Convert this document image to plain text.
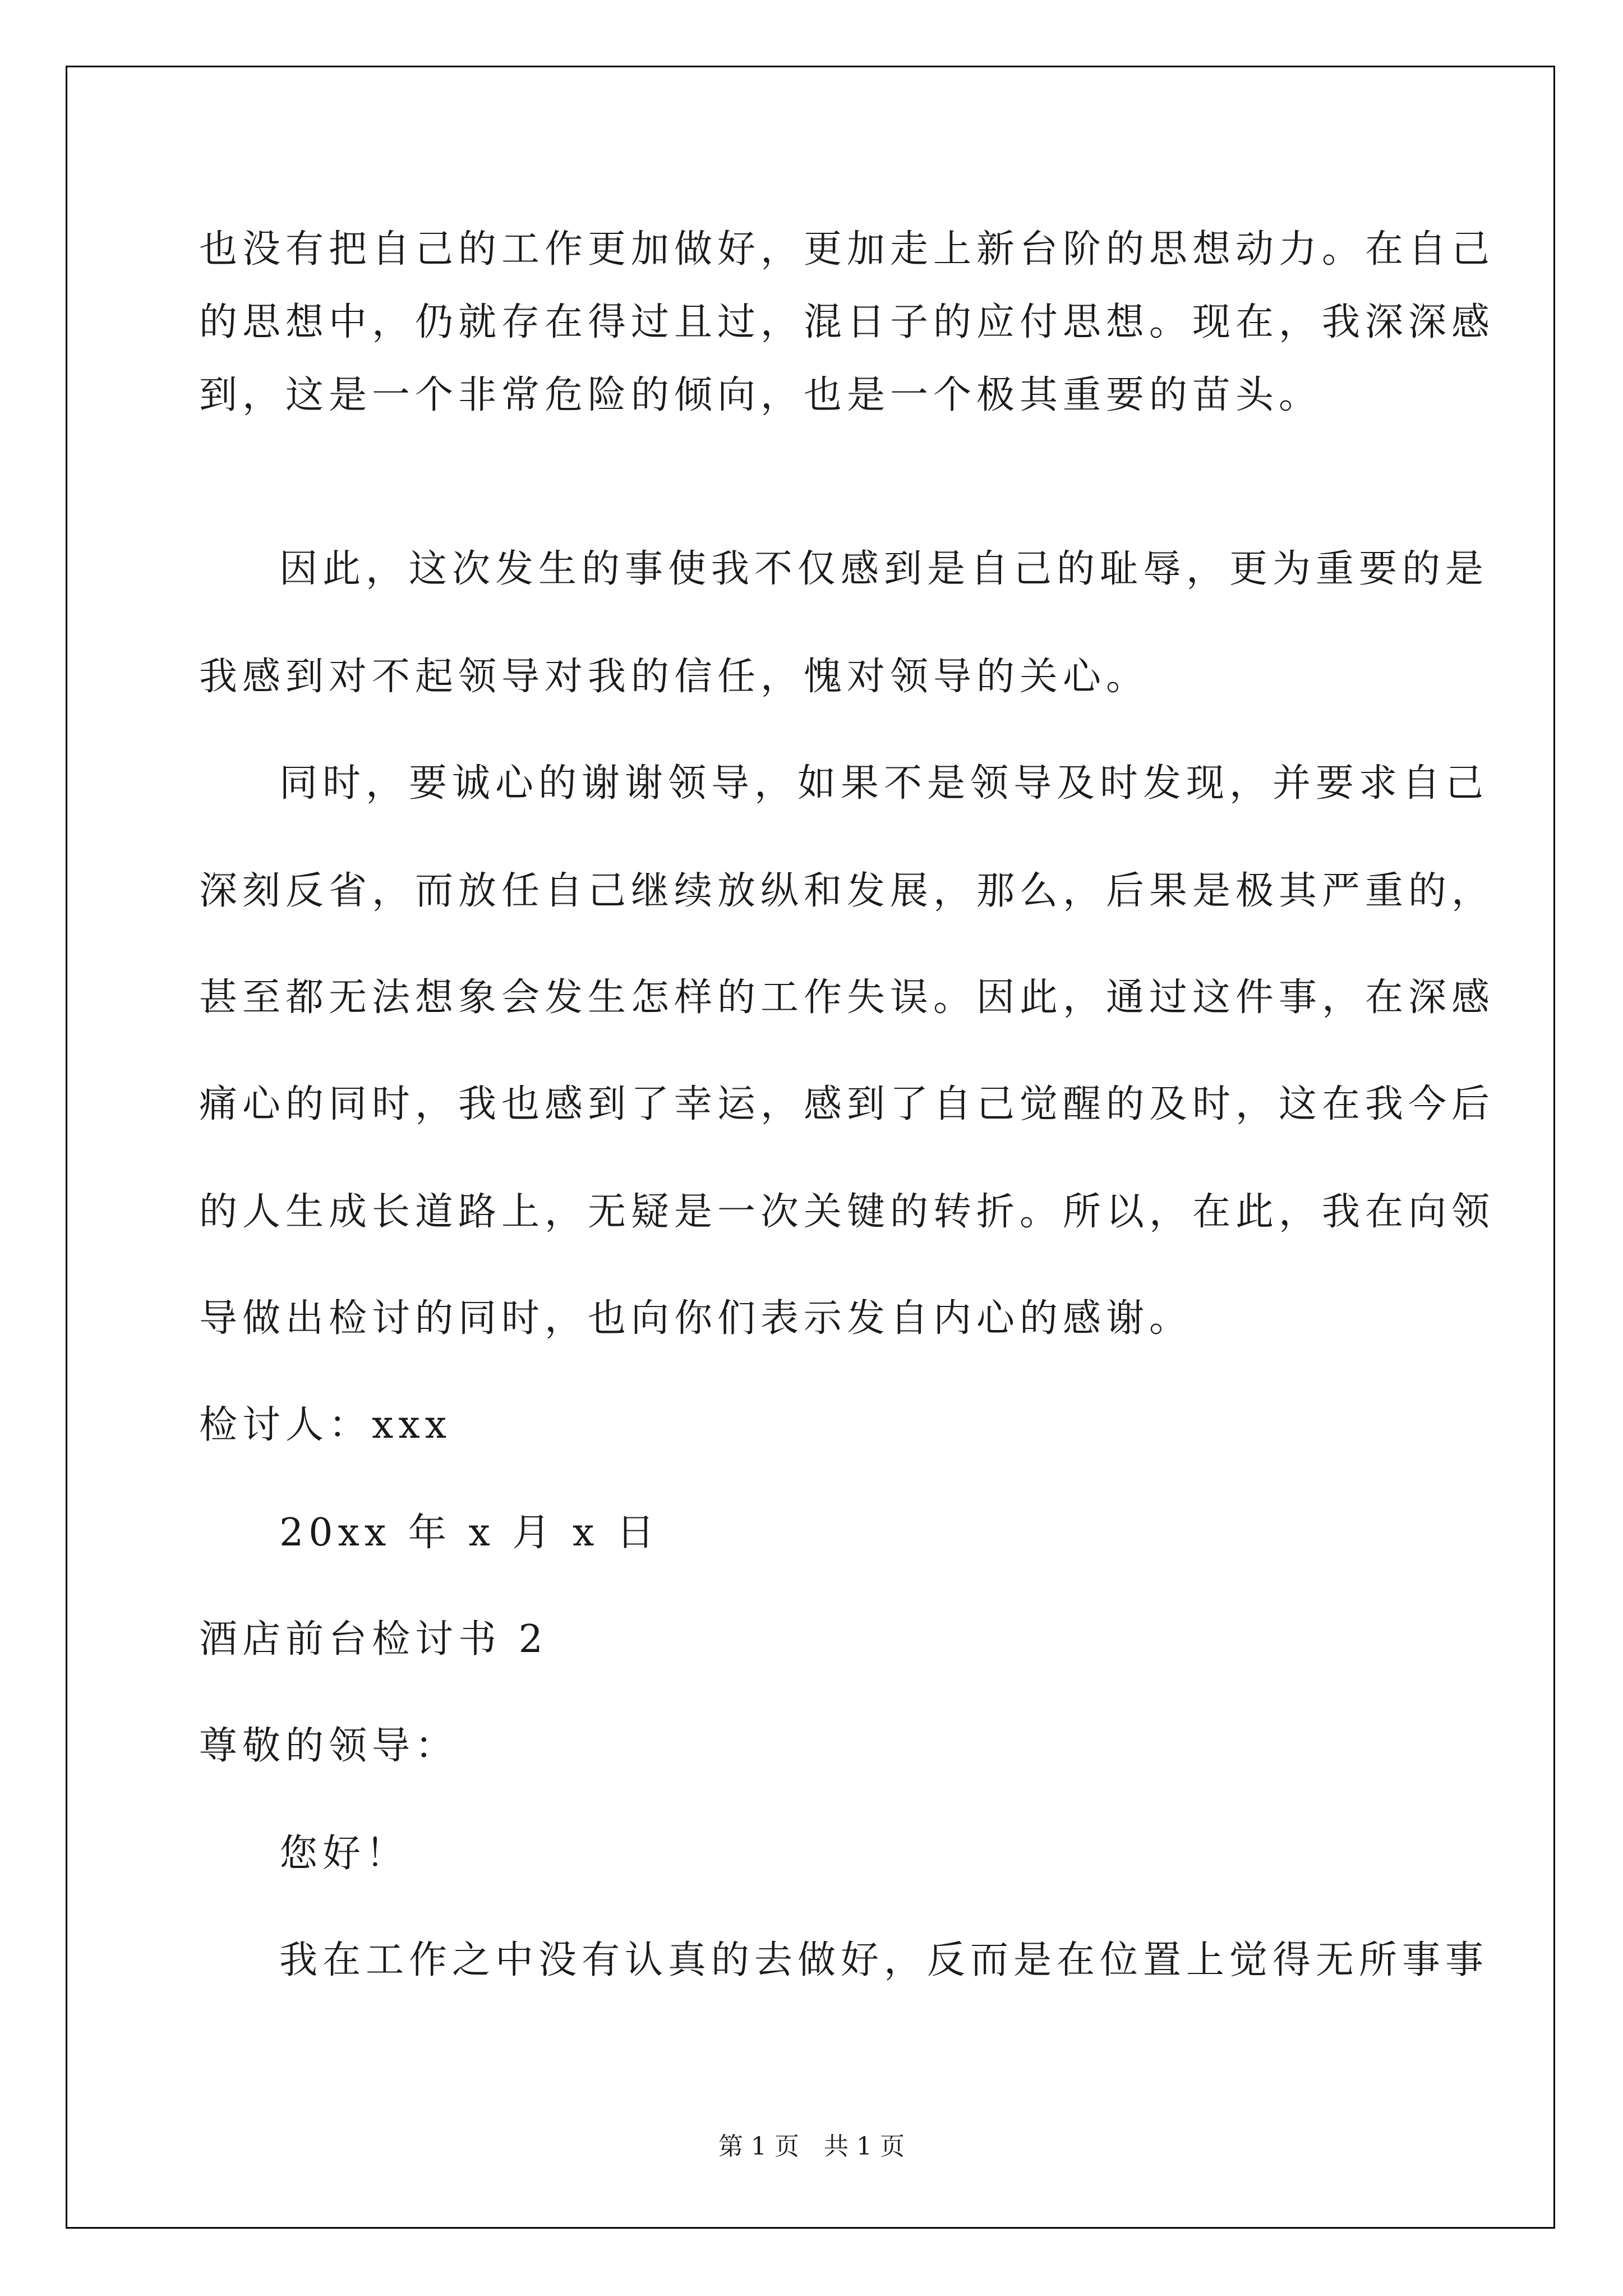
也没有把自己的工作更加做好，更加走上新台阶的思想动力。在自己
的思想中，仍就存在得过且过，混日子的应付思想。现在，我深深感
到，这是一个非常危险的倾向，也是一个极其重要的苗头。
因此，这次发生的事使我不仅感到是自己的耻辱，更为重要的是
我感到对不起领导对我的信任，愧对领导的关心。
同时，要诚心的谢谢领导，如果不是领导及时发现，并要求自己
深刻反省，而放任自己继续放纵和发展，那么，后果是极其严重的，
甚至都无法想象会发生怎样的工作失误。因此，通过这件事，在深感
痛心的同时，我也感到了幸运，感到了自己觉醒的及时，这在我今后
的人生成长道路上，无疑是一次关键的转折。所以，在此，我在向领
导做出检讨的同时，也向你们表示发自内心的感谢。
检讨人：xxx
20xx 年 x 月 x 日
酒店前台检讨书 2
尊敬的领导：
您好！
我在工作之中没有认真的去做好，反而是在位置上觉得无所事事
第 1 页　共 1 页
